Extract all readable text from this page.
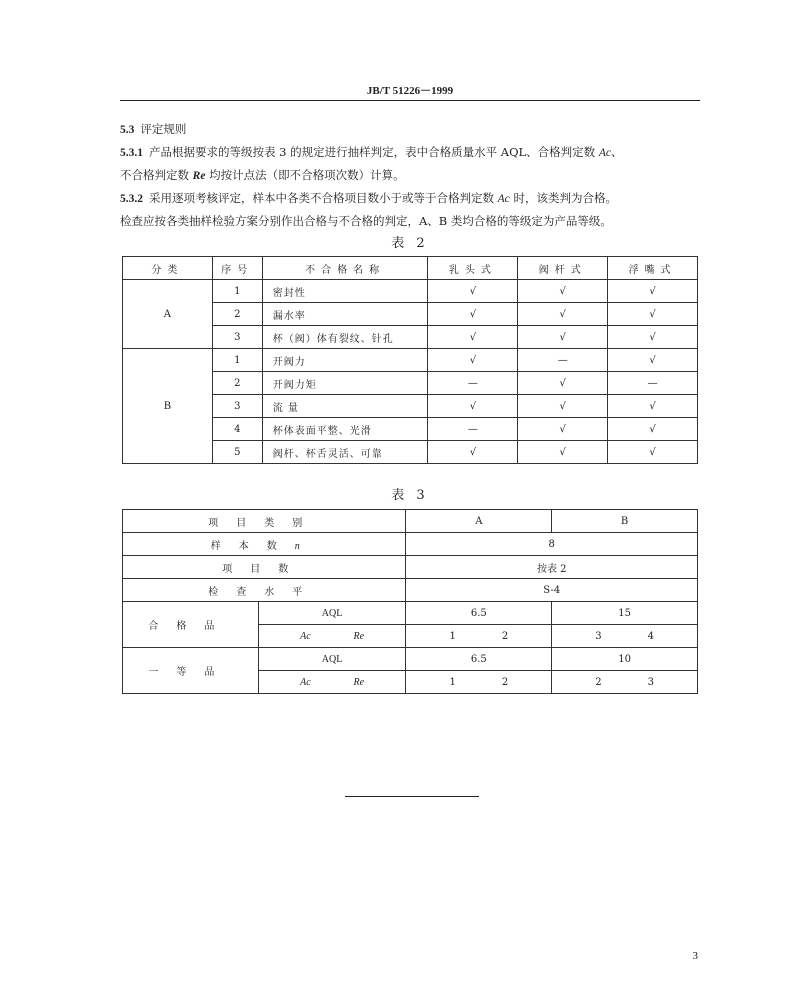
JB/T 51226－1999

5.3 评定规则

5.3.1 产品根据要求的等级按表 3 的规定进行抽样判定，表中合格质量水平 AQL、合格判定数 Ac、

不合格判定数 Re 均按计点法（即不合格项次数）计算。

5.3.2 采用逐项考核评定，样本中各类不合格项目数小于或等于合格判定数 Ac 时，该类判为合格。

检查应按各类抽样检验方案分别作出合格与不合格的判定，A、B 类均合格的等级定为产品等级。

表 2
分类	序号	不合格名称	乳头式	阀杆式	浮嘴式
A	1	密封性	√	√	√
	2	漏水率	√	√	√
	3	杯（阀）体有裂纹、针孔	√	√	√
B	1	开阀力	√	—	√
	2	开阀力矩	—	√	—
	3	流 量	√	√	√
	4	杯体表面平整、光滑	—	√	√
	5	阀杆、杯舌灵活、可靠	√	√	√
表 3
项目类别		A	B
样本数n		8	
项目数		按表 2	
检查水平		S-4	
合格品	AQL	6.5	15

	Ac Re	1 2	3 4

一等品	AQL	6.5	10

	Ac Re	1 2	2 3
3
